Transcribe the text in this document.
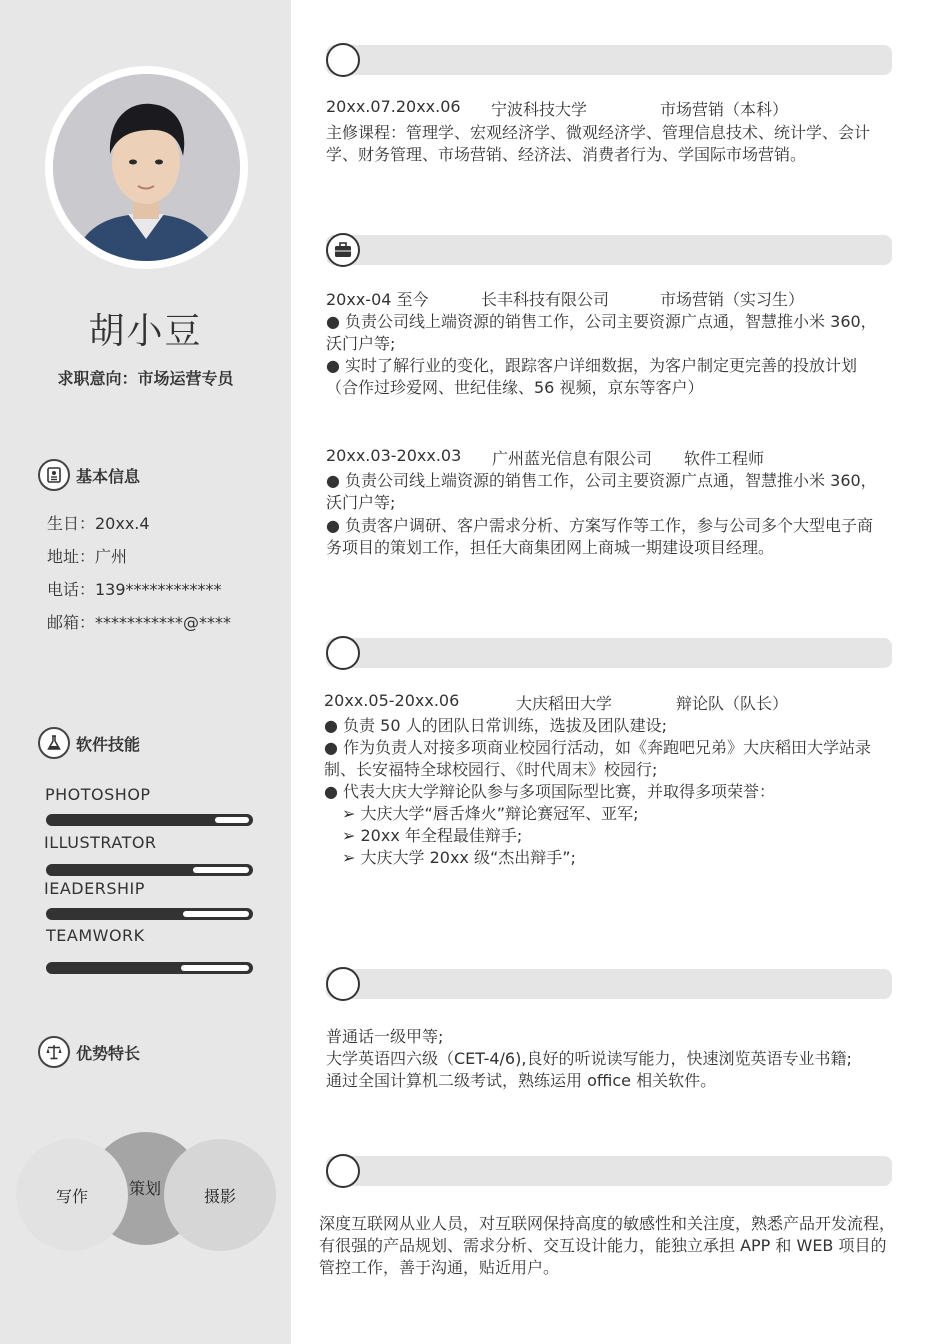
胡小豆
求职意向：市场运营专员
基本信息
生日：20xx.4
地址：广州
电话：139************
邮箱：***********@****
软件技能
PHOTOSHOP
ILLUSTRATOR
IEADERSHIP
TEAMWORK
优势特长
写作	摄影
策划
20xx.07.20xx.06 宁波科技大学	市场营销（本科）
主修课程：管理学、宏观经济学、微观经济学、管理信息技术、统计学、会计
学、财务管理、市场营销、经济法、消费者行为、学国际市场营销。
20xx-04 至今	长丰科技有限公司	市场营销（实习生）
● 负责公司线上端资源的销售工作，公司主要资源广点通，智慧推小米 360，
沃门户等;
● 实时了解行业的变化，跟踪客户详细数据，为客户制定更完善的投放计划
（合作过珍爱网、世纪佳缘、56 视频，京东等客户）
20xx.03-20xx.03 广州蓝光信息有限公司 软件工程师
● 负责公司线上端资源的销售工作，公司主要资源广点通，智慧推小米 360，
沃门户等;
● 负责客户调研、客户需求分析、方案写作等工作，参与公司多个大型电子商
务项目的策划工作，担任大商集团网上商城一期建设项目经理。
20xx.05-20xx.06	大庆稻田大学	辩论队（队长）
● 负责 50 人的团队日常训练，选拔及团队建设;
● 作为负责人对接多项商业校园行活动，如《奔跑吧兄弟》大庆稻田大学站录
制、长安福特全球校园行、《时代周末》校园行;
● 代表大庆大学辩论队参与多项国际型比赛，并取得多项荣誉：
➢ 大庆大学“唇舌烽火”辩论赛冠军、亚军;
➢ 20xx 年全程最佳辩手;
➢ 大庆大学 20xx 级“杰出辩手”;
普通话一级甲等;
大学英语四六级（CET-4/6),良好的听说读写能力，快速浏览英语专业书籍;
通过全国计算机二级考试，熟练运用 office 相关软件。
深度互联网从业人员，对互联网保持高度的敏感性和关注度，熟悉产品开发流程，
有很强的产品规划、需求分析、交互设计能力，能独立承担 APP 和 WEB 项目的
管控工作，善于沟通，贴近用户。
